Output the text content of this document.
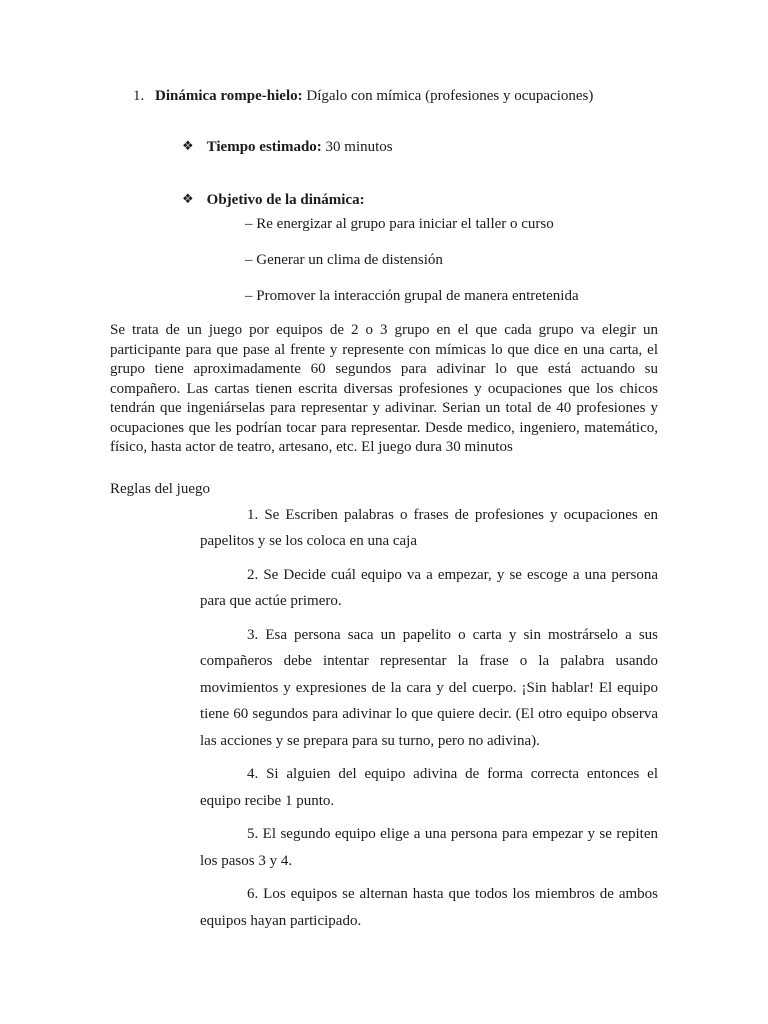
1. Dinámica rompe-hielo: Dígalo con mímica (profesiones y ocupaciones)
❖ Tiempo estimado: 30 minutos
❖ Objetivo de la dinámica:
– Re energizar al grupo para iniciar el taller o curso
– Generar un clima de distensión
– Promover la interacción grupal de manera entretenida

Se trata de un juego por equipos de 2 o 3 grupo en el que cada grupo va elegir un participante para que pase al frente y represente con mímicas lo que dice en una carta, el grupo tiene aproximadamente 60 segundos para adivinar lo que está actuando su compañero. Las cartas tienen escrita diversas profesiones y ocupaciones que los chicos tendrán que ingeniárselas para representar y adivinar. Serian un total de 40 profesiones y ocupaciones que les podrían tocar para representar. Desde medico, ingeniero, matemático, físico, hasta actor de teatro, artesano, etc. El juego dura 30 minutos

Reglas del juego

1. Se Escriben palabras o frases de profesiones y ocupaciones en papelitos y se los coloca en una caja

2. Se Decide cuál equipo va a empezar, y se escoge a una persona para que actúe primero.

3. Esa persona saca un papelito o carta y sin mostrárselo a sus compañeros debe intentar representar la frase o la palabra usando movimientos y expresiones de la cara y del cuerpo. ¡Sin hablar! El equipo tiene 60 segundos para adivinar lo que quiere decir. (El otro equipo observa las acciones y se prepara para su turno, pero no adivina).

4. Si alguien del equipo adivina de forma correcta entonces el equipo recibe 1 punto.

5. El segundo equipo elige a una persona para empezar y se repiten los pasos 3 y 4.

6. Los equipos se alternan hasta que todos los miembros de ambos equipos hayan participado.
